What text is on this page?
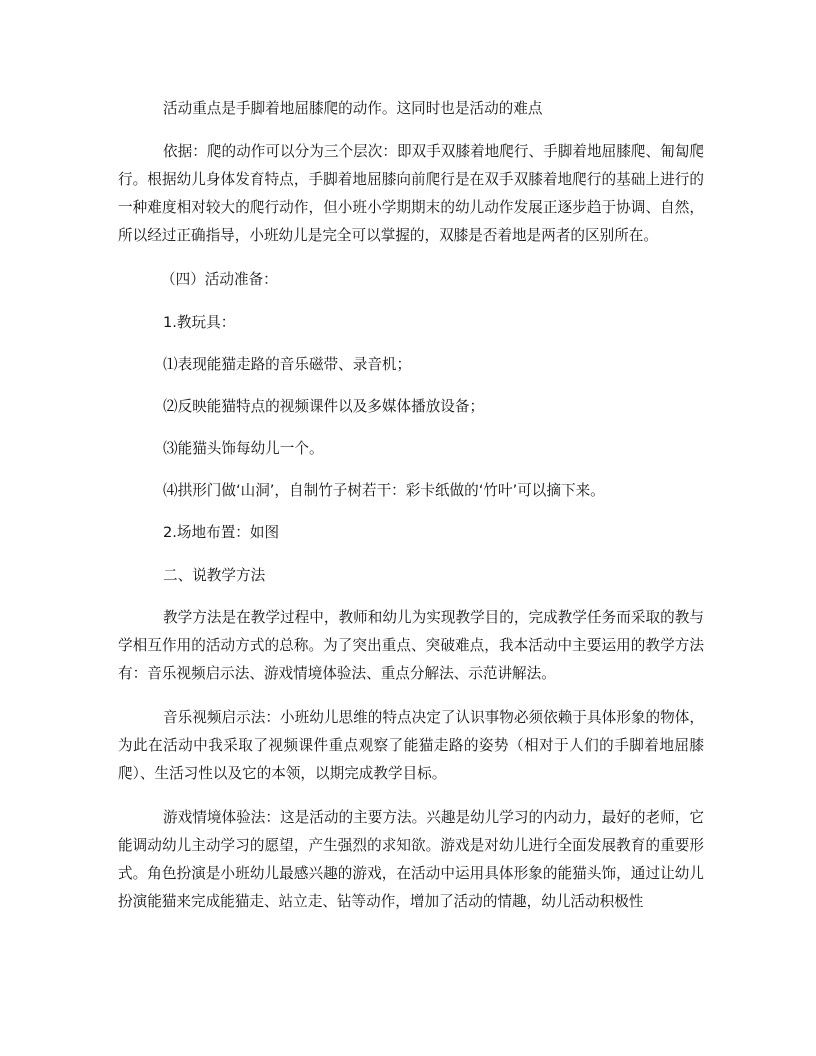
活动重点是手脚着地屈膝爬的动作。这同时也是活动的难点

依据：爬的动作可以分为三个层次：即双手双膝着地爬行、手脚着地屈膝爬、匍匐爬行。根据幼儿身体发育特点，手脚着地屈膝向前爬行是在双手双膝着地爬行的基础上进行的一种难度相对较大的爬行动作，但小班小学期期末的幼儿动作发展正逐步趋于协调、自然，所以经过正确指导，小班幼儿是完全可以掌握的，双膝是否着地是两者的区别所在。

（四）活动准备：

1.教玩具：

⑴表现能猫走路的音乐磁带、录音机；

⑵反映能猫特点的视频课件以及多媒体播放设备；

⑶能猫头饰每幼儿一个。

⑷拱形门做‘山洞’，自制竹子树若干：彩卡纸做的‘竹叶’可以摘下来。

2.场地布置：如图

二、说教学方法

教学方法是在教学过程中，教师和幼儿为实现教学目的，完成教学任务而采取的教与学相互作用的活动方式的总称。为了突出重点、突破难点，我本活动中主要运用的教学方法有：音乐视频启示法、游戏情境体验法、重点分解法、示范讲解法。

音乐视频启示法：小班幼儿思维的特点决定了认识事物必须依赖于具体形象的物体，为此在活动中我采取了视频课件重点观察了能猫走路的姿势（相对于人们的手脚着地屈膝爬）、生活习性以及它的本领，以期完成教学目标。

游戏情境体验法：这是活动的主要方法。兴趣是幼儿学习的内动力，最好的老师，它能调动幼儿主动学习的愿望，产生强烈的求知欲。游戏是对幼儿进行全面发展教育的重要形式。角色扮演是小班幼儿最感兴趣的游戏，在活动中运用具体形象的能猫头饰，通过让幼儿扮演能猫来完成能猫走、站立走、钻等动作，增加了活动的情趣，幼儿活动积极性
